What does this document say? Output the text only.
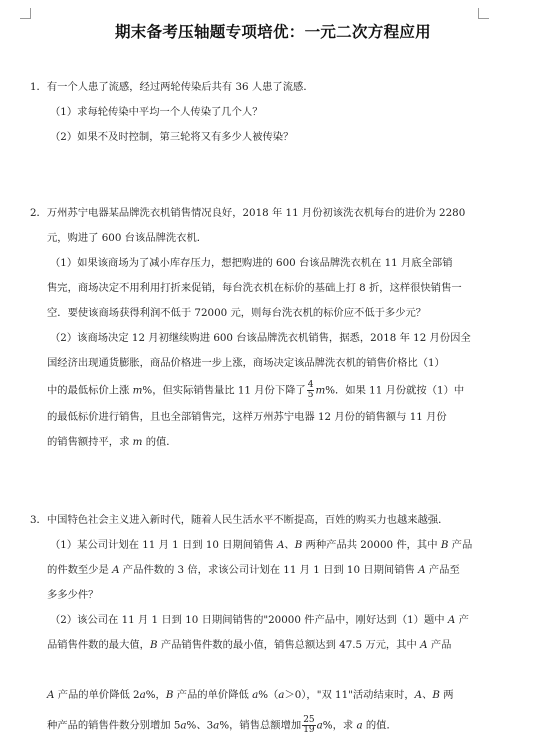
期末备考压轴题专项培优：一元二次方程应用
1．有一个人患了流感，经过两轮传染后共有 36 人患了流感．
（1）求每轮传染中平均一个人传染了几个人？
（2）如果不及时控制，第三轮将又有多少人被传染？
2．万州苏宁电器某品牌洗衣机销售情况良好，2018 年 11 月份初该洗衣机每台的进价为 2280
元，购进了 600 台该品牌洗衣机．
（1）如果该商场为了减小库存压力，想把购进的 600 台该品牌洗衣机在 11 月底全部销
售完，商场决定不用利用打折来促销，每台洗衣机在标价的基础上打 8 折，这样很快销售一
空．要使该商场获得利润不低于 72000 元，则每台洗衣机的标价应不低于多少元？
（2）该商场决定 12 月初继续购进 600 台该品牌洗衣机销售，据悉，2018 年 12 月份因全
国经济出现通货膨胀，商品价格进一步上涨，商场决定该品牌洗衣机的销售价格比（1）
中的最低标价上涨 m%，但实际销售量比 11 月份下降了 $\frac{4}{5} m\%$．如果 11 月份就按（1）中
的最低标价进行销售，且也全部销售完，这样万州苏宁电器 12 月份的销售额与 11 月份
的销售额持平，求 m 的值．
3．中国特色社会主义进入新时代，随着人民生活水平不断提高，百姓的购买力也越来越强．
（1）某公司计划在 11 月 1 日到 10 日期间销售 A、B 两种产品共 20000 件，其中 B 产品
的件数至少是 A 产品件数的 3 倍，求该公司计划在 11 月 1 日到 10 日期间销售 A 产品至
多多少件？
（2）该公司在 11 月 1 日到 10 日期间销售的"20000 件产品中，刚好达到（1）题中 A 产
品销售件数的最大值，B 产品销售件数的最小值，销售总额达到 47.5 万元，其中 A 产品
A 产品的单价降低 2a%，B 产品的单价降低 a%（a＞0），"双 11"活动结束时，A、B 两
种产品的销售件数分别增加 5a%、3a%，销售总额增加 $\frac{25}{19} a\%$，求 a 的值．
